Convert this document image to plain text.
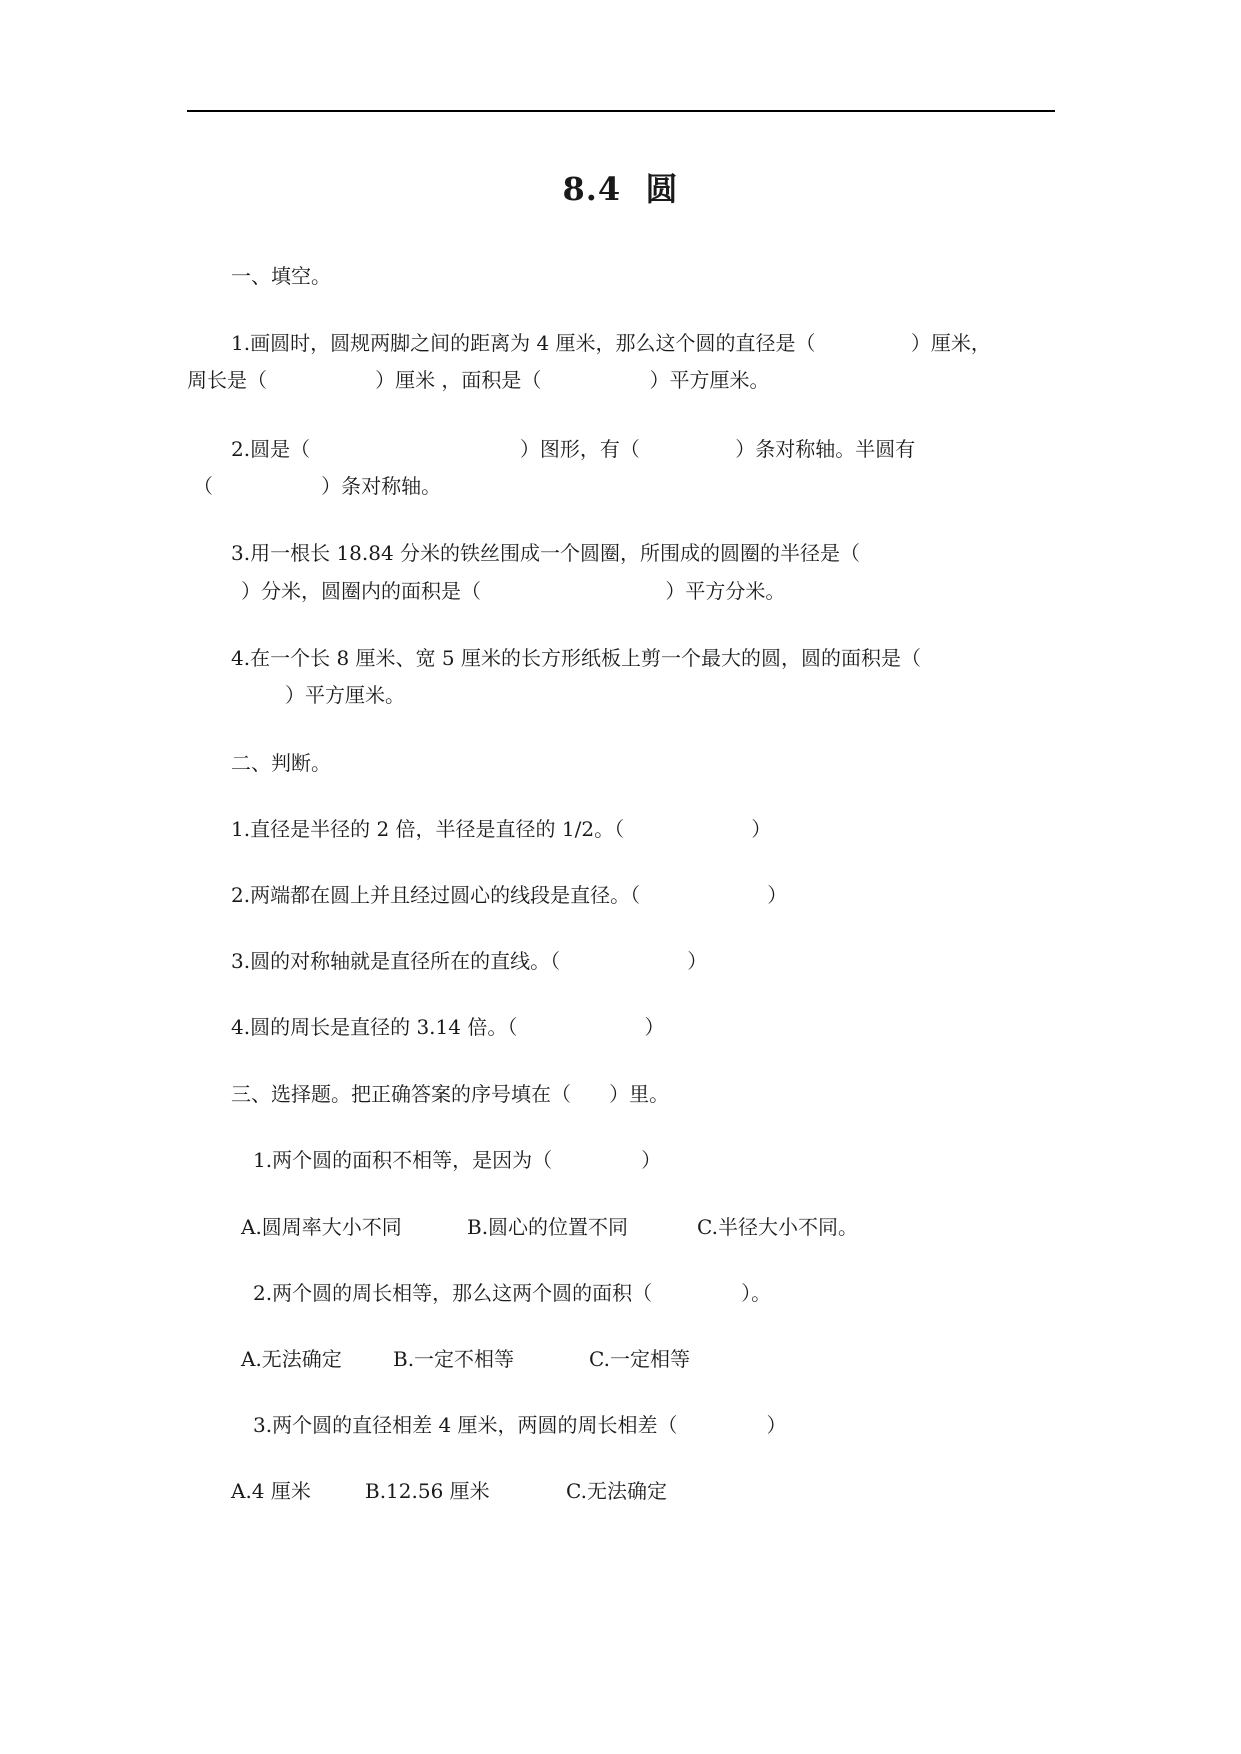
8.4  圆
一、填空。
1.画圆时，圆规两脚之间的距离为 4 厘米，那么这个圆的直径是（               ）厘米，
周长是（                 ）厘米 ，面积是（                 ）平方厘米。
2.圆是（                                 ）图形，有（               ）条对称轴。半圆有
（                 ）条对称轴。
3.用一根长 18.84 分米的铁丝围成一个圆圈，所围成的圆圈的半径是（
）分米，圆圈内的面积是（                             ）平方分米。
4.在一个长 8 厘米、宽 5 厘米的长方形纸板上剪一个最大的圆，圆的面积是（
）平方厘米。
二、判断。
1.直径是半径的 2 倍，半径是直径的 1/2。（                    ）
2.两端都在圆上并且经过圆心的线段是直径。（                    ）
3.圆的对称轴就是直径所在的直线。（                    ）
4.圆的周长是直径的 3.14 倍。（                    ）
三、选择题。把正确答案的序号填在（      ）里。
1.两个圆的面积不相等，是因为（              ）
A.圆周率大小不同	B.圆心的位置不同	C.半径大小不同。
2.两个圆的周长相等，那么这两个圆的面积（              ）。
A.无法确定	B.一定不相等	C.一定相等
3.两个圆的直径相差 4 厘米，两圆的周长相差（              ）
A.4 厘米	B.12.56 厘米	C.无法确定
